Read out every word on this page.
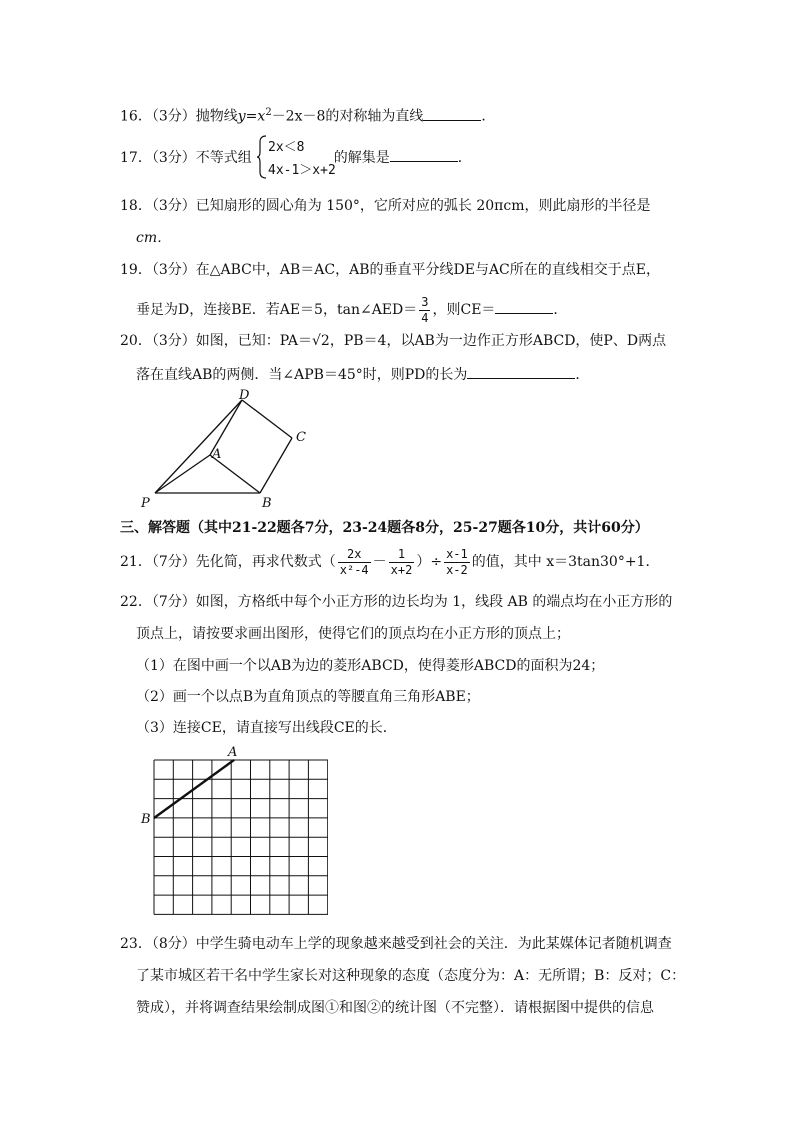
16．（3分）抛物线$y=x^2-2x-8$的对称轴为直线	．
17．（3分）不等式组	的解集是	．
2x＜8
4x-1＞x+2
18．（3分）已知扇形的圆心角为 150°，它所对应的弧长 20πcm，则此扇形的半径是
cm．
19．（3分）在△ABC中，AB＝AC，AB的垂直平分线DE与AC所在的直线相交于点E，
垂足为D，连接BE．若AE＝5，tan∠AED＝ $\frac{3}{4}$ ，则CE＝	．
20．（3分）如图，已知：PA＝√2，PB＝4，以AB为一边作正方形ABCD，使P、D两点
落在直线AB的两侧．当∠APB＝45°时，则PD的长为	．
D
C
A
P	B
三、解答题（其中21-22题各7分，23-24题各8分，25-27题各10分，共计60分）
21．（7分）先化简，再求代数式（ $\frac{2x}{\text{x²-4}} - \frac{1}{x+2}$ ）÷ $\frac{x-1}{x-2}$ 的值，其中 x＝3tan30°+1．
22．（7分）如图，方格纸中每个小正方形的边长均为 1，线段 AB 的端点均在小正方形的
顶点上，请按要求画出图形，使得它们的顶点均在小正方形的顶点上；
（1）在图中画一个以AB为边的菱形ABCD，使得菱形ABCD的面积为24；
（2）画一个以点B为直角顶点的等腰直角三角形ABE；
（3）连接CE，请直接写出线段CE的长．
A
B
23．（8分）中学生骑电动车上学的现象越来越受到社会的关注．为此某媒体记者随机调查
了某市城区若干名中学生家长对这种现象的态度（态度分为：A：无所谓；B：反对；C：
赞成），并将调查结果绘制成图①和图②的统计图（不完整）．请根据图中提供的信息
